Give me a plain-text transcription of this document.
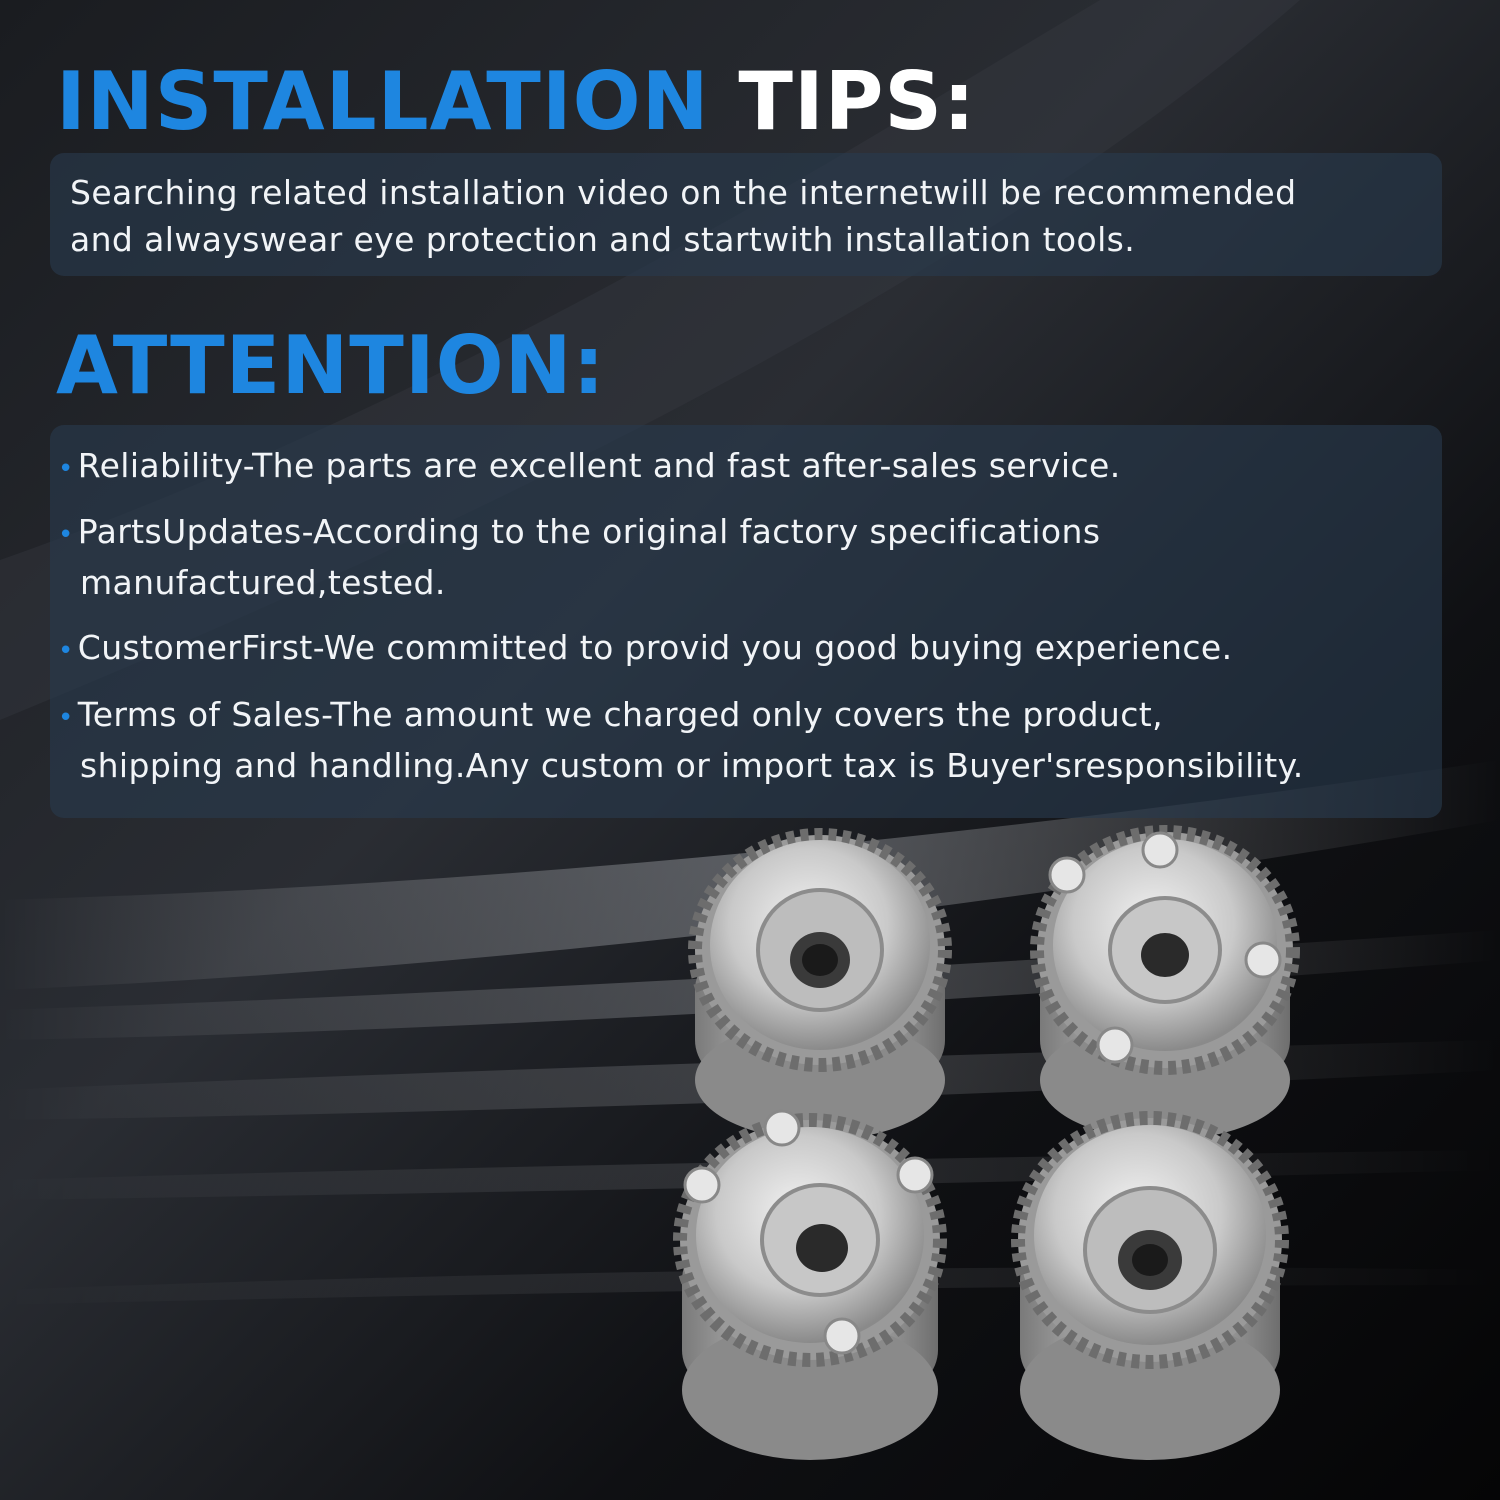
INSTALLATION TIPS:

Searching related installation video on the internetwill be recommended
and alwayswear eye protection and startwith installation tools.

ATTENTION:
• Reliability-The parts are excellent and fast after-sales service.
• PartsUpdates-According to the original factory specifications
manufactured,tested.
• CustomerFirst-We committed to provid you good buying experience.
• Terms of Sales-The amount we charged only covers the product,
shipping and handling.Any custom or import tax is Buyer'sresponsibility.
